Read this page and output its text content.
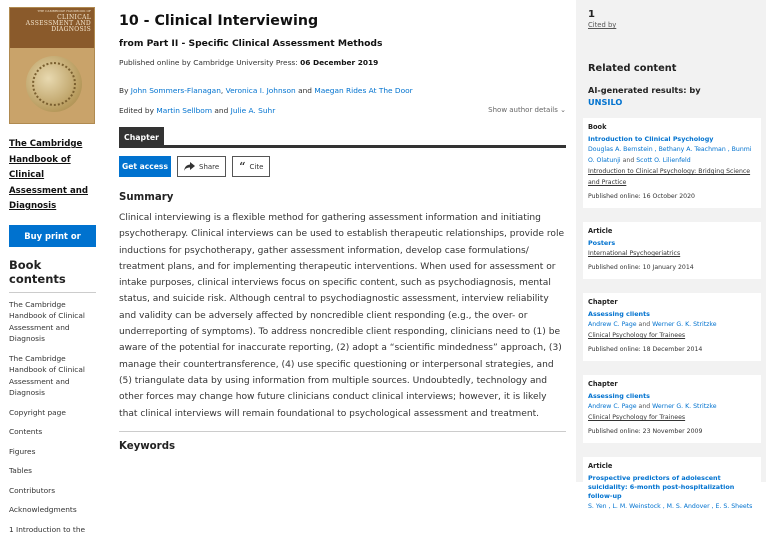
THE CAMBRIDGE HANDBOOK OF
CLINICAL ASSESSMENT AND DIAGNOSIS
The Cambridge Handbook of Clinical Assessment and Diagnosis
Buy print or eBook
Book contents
The Cambridge Handbook of Clinical Assessment and Diagnosis
The Cambridge Handbook of Clinical Assessment and Diagnosis
Copyright page
Contents
Figures
Tables
Contributors
Acknowledgments
1 Introduction to the
10 - Clinical Interviewing
from Part II - Specific Clinical Assessment Methods
Published online by Cambridge University Press: 06 December 2019
By John Sommers-Flanagan, Veronica I. Johnson and Maegan Rides At The Door
Edited by Martin Sellbom and Julie A. Suhr	Show author details ⌄
Chapter
Get access	Share “ Cite
Summary

Clinical interviewing is a flexible method for gathering assessment information and initiating psychotherapy. Clinical interviews can be used to establish therapeutic relationships, provide role inductions for psychotherapy, gather assessment information, develop case formulations/ treatment plans, and for implementing therapeutic interventions. When used for assessment or intake purposes, clinical interviews focus on specific content, such as psychodiagnosis, mental status, and suicide risk. Although central to psychodiagnostic assessment, interview reliability and validity can be adversely affected by noncredible client responding (e.g., the over- or underreporting of symptoms). To address noncredible client responding, clinicians need to (1) be aware of the potential for inaccurate reporting, (2) adopt a “scientific mindedness” approach, (3) manage their countertransference, (4) use specific questioning or interpersonal strategies, and (5) triangulate data by using information from multiple sources. Undoubtedly, technology and other forces may change how future clinicians conduct clinical interviews; however, it is likely that clinical interviews will remain foundational to psychological assessment and treatment.

Keywords
1
Cited by
Related content
AI-generated results: by
UNSILO
Book
Introduction to Clinical Psychology
Douglas A. Bernstein , Bethany A. Teachman , Bunmi O. Olatunji and Scott O. Lilienfeld
Introduction to Clinical Psychology: Bridging Science and Practice
Published online: 16 October 2020
Article
Posters
International Psychogeriatrics
Published online: 10 January 2014
Chapter
Assessing clients
Andrew C. Page and Werner G. K. Stritzke
Clinical Psychology for Trainees
Published online: 18 December 2014
Chapter
Assessing clients
Andrew C. Page and Werner G. K. Stritzke
Clinical Psychology for Trainees
Published online: 23 November 2009
Article
Prospective predictors of adolescent suicidality: 6-month post-hospitalization follow-up
S. Yen , L. M. Weinstock , M. S. Andover , E. S. Sheets
